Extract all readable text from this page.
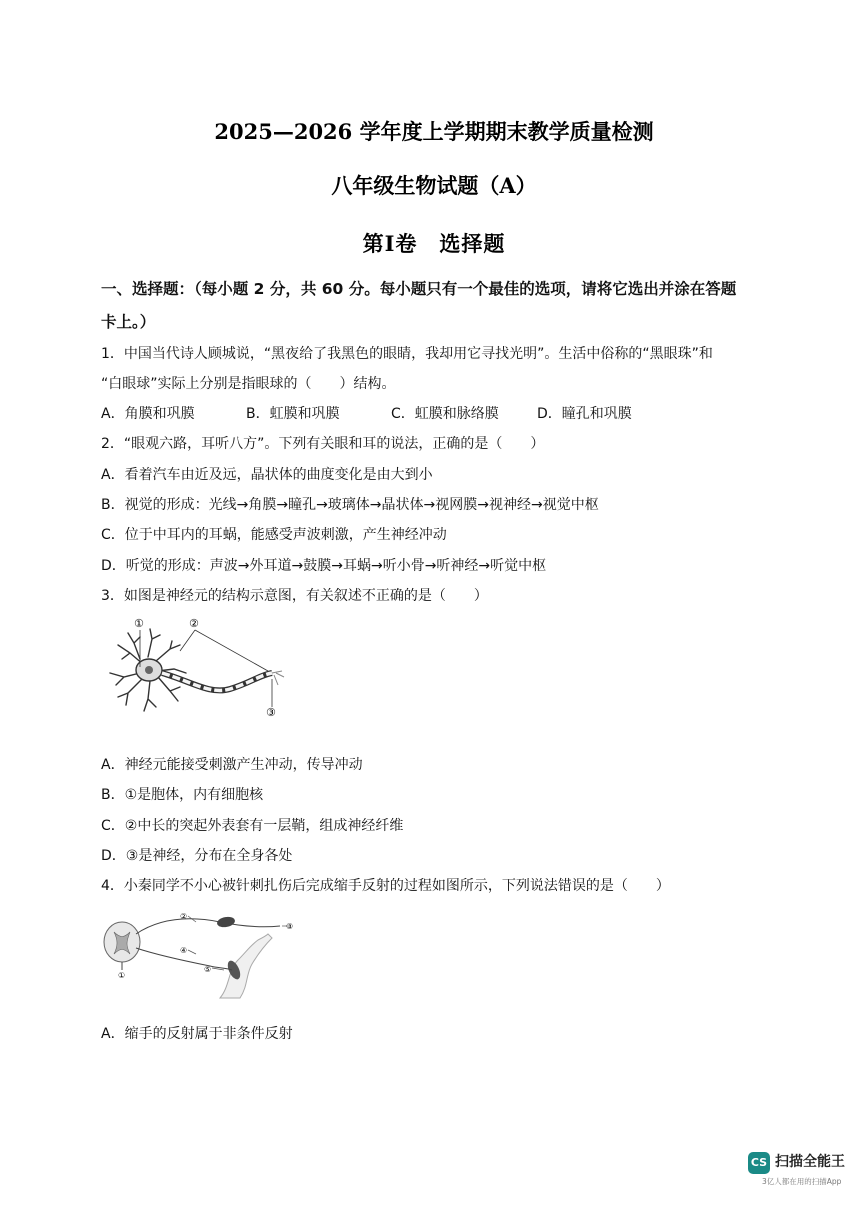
2025—2026 学年度上学期期末教学质量检测
八年级生物试题（A）
第Ⅰ卷　选择题
一、选择题：（每小题 2 分，共 60 分。每小题只有一个最佳的选项，请将它选出并涂在答题
卡上。）
1．中国当代诗人顾城说，“黑夜给了我黑色的眼睛，我却用它寻找光明”。生活中俗称的“黑眼珠”和
“白眼球”实际上分别是指眼球的（　　）结构。
A．角膜和巩膜	B．虹膜和巩膜	C．虹膜和脉络膜	D．瞳孔和巩膜
2．“眼观六路，耳听八方”。下列有关眼和耳的说法，正确的是（　　）
A．看着汽车由近及远，晶状体的曲度变化是由大到小
B．视觉的形成：光线→角膜→瞳孔→玻璃体→晶状体→视网膜→视神经→视觉中枢
C．位于中耳内的耳蜗，能感受声波刺激，产生神经冲动
D．听觉的形成：声波→外耳道→鼓膜→耳蜗→听小骨→听神经→听觉中枢
3．如图是神经元的结构示意图，有关叙述不正确的是（　　）
①	②
③
A．神经元能接受刺激产生冲动，传导冲动
B．①是胞体，内有细胞核
C．②中长的突起外表套有一层鞘，组成神经纤维
D．③是神经，分布在全身各处
4．小秦同学不小心被针刺扎伤后完成缩手反射的过程如图所示，下列说法错误的是（　　）
①
②
③
④
⑤
A．缩手的反射属于非条件反射
CS 扫描全能王
3亿人都在用的扫描App
